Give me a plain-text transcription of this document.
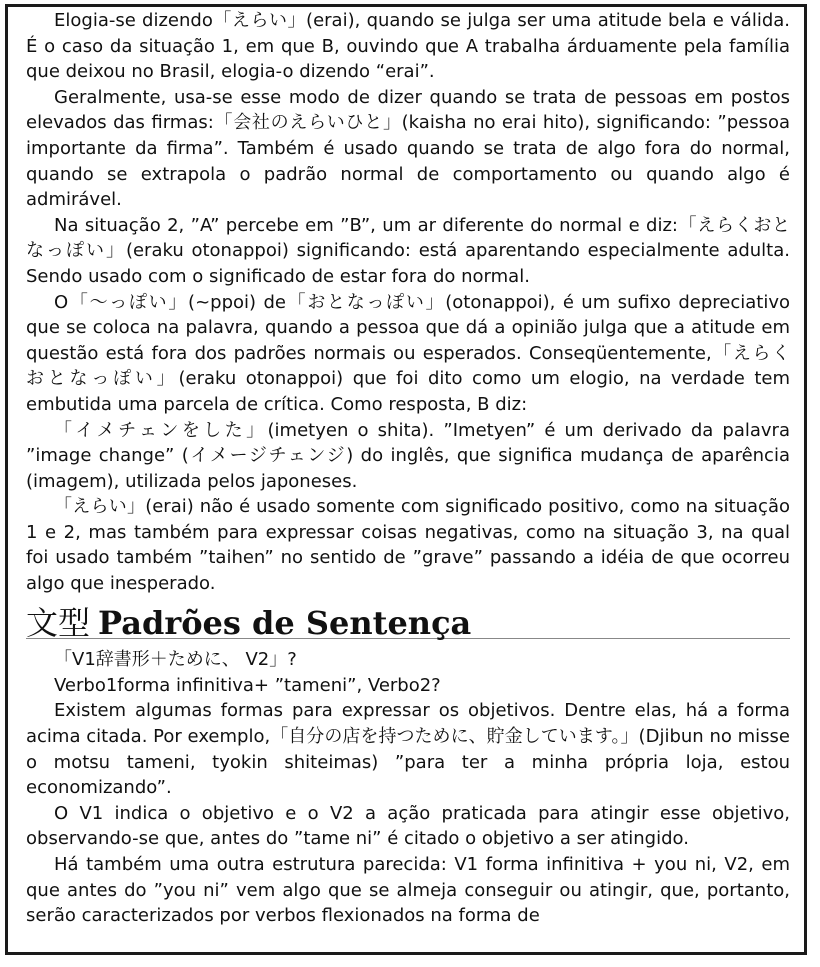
Elogia-se dizendo「えらい」(erai), quando se julga ser uma atitude bela e válida. É o caso da situação 1, em que B, ouvindo que A trabalha árduamente pela família que deixou no Brasil, elogia-o dizendo “erai”.

Geralmente, usa-se esse modo de dizer quando se trata de pessoas em postos elevados das firmas:「会社のえらいひと」(kaisha no erai hito), significando: ”pessoa importante da firma”. Também é usado quando se trata de algo fora do normal, quando se extrapola o padrão normal de comportamento ou quando algo é admirável.

Na situação 2, ”A” percebe em ”B”, um ar diferente do normal e diz:「えらくおとなっぽい」(eraku otonappoi) significando: está aparentando especialmente adulta. Sendo usado com o significado de estar fora do normal.

O「〜っぽい」(~ppoi) de「おとなっぽい」(otonappoi), é um sufixo depreciativo que se coloca na palavra, quando a pessoa que dá a opinião julga que a atitude em questão está fora dos padrões normais ou esperados. Conseqüentemente,「えらく おとなっぽい」(eraku otonappoi) que foi dito como um elogio, na verdade tem embutida uma parcela de crítica. Como resposta, B diz:

「イメチェンをした」(imetyen o shita). ”Imetyen” é um derivado da palavra ”image change” (イメージチェンジ) do inglês, que significa mudança de aparência (imagem), utilizada pelos japoneses.

「えらい」(erai) não é usado somente com significado positivo, como na situação 1 e 2, mas também para expressar coisas negativas, como na situação 3, na qual foi usado também ”taihen” no sentido de ”grave” passando a idéia de que ocorreu algo que inesperado.

文型 Padrões de Sentença

「V1辞書形＋ために、 V2」?

Verbo1forma infinitiva+ ”tameni”, Verbo2?

Existem algumas formas para expressar os objetivos. Dentre elas, há a forma acima citada. Por exemplo,「自分の店を持つために、貯金しています。」(Djibun no misse o motsu tameni, tyokin shiteimas) ”para ter a minha própria loja, estou economizando”.

O V1 indica o objetivo e o V2 a ação praticada para atingir esse objetivo, observando-se que, antes do ”tame ni” é citado o objetivo a ser atingido.

Há também uma outra estrutura parecida: V1 forma infinitiva + you ni, V2, em que antes do ”you ni” vem algo que se almeja conseguir ou atingir, que, portanto, serão caracterizados por verbos flexionados na forma de
